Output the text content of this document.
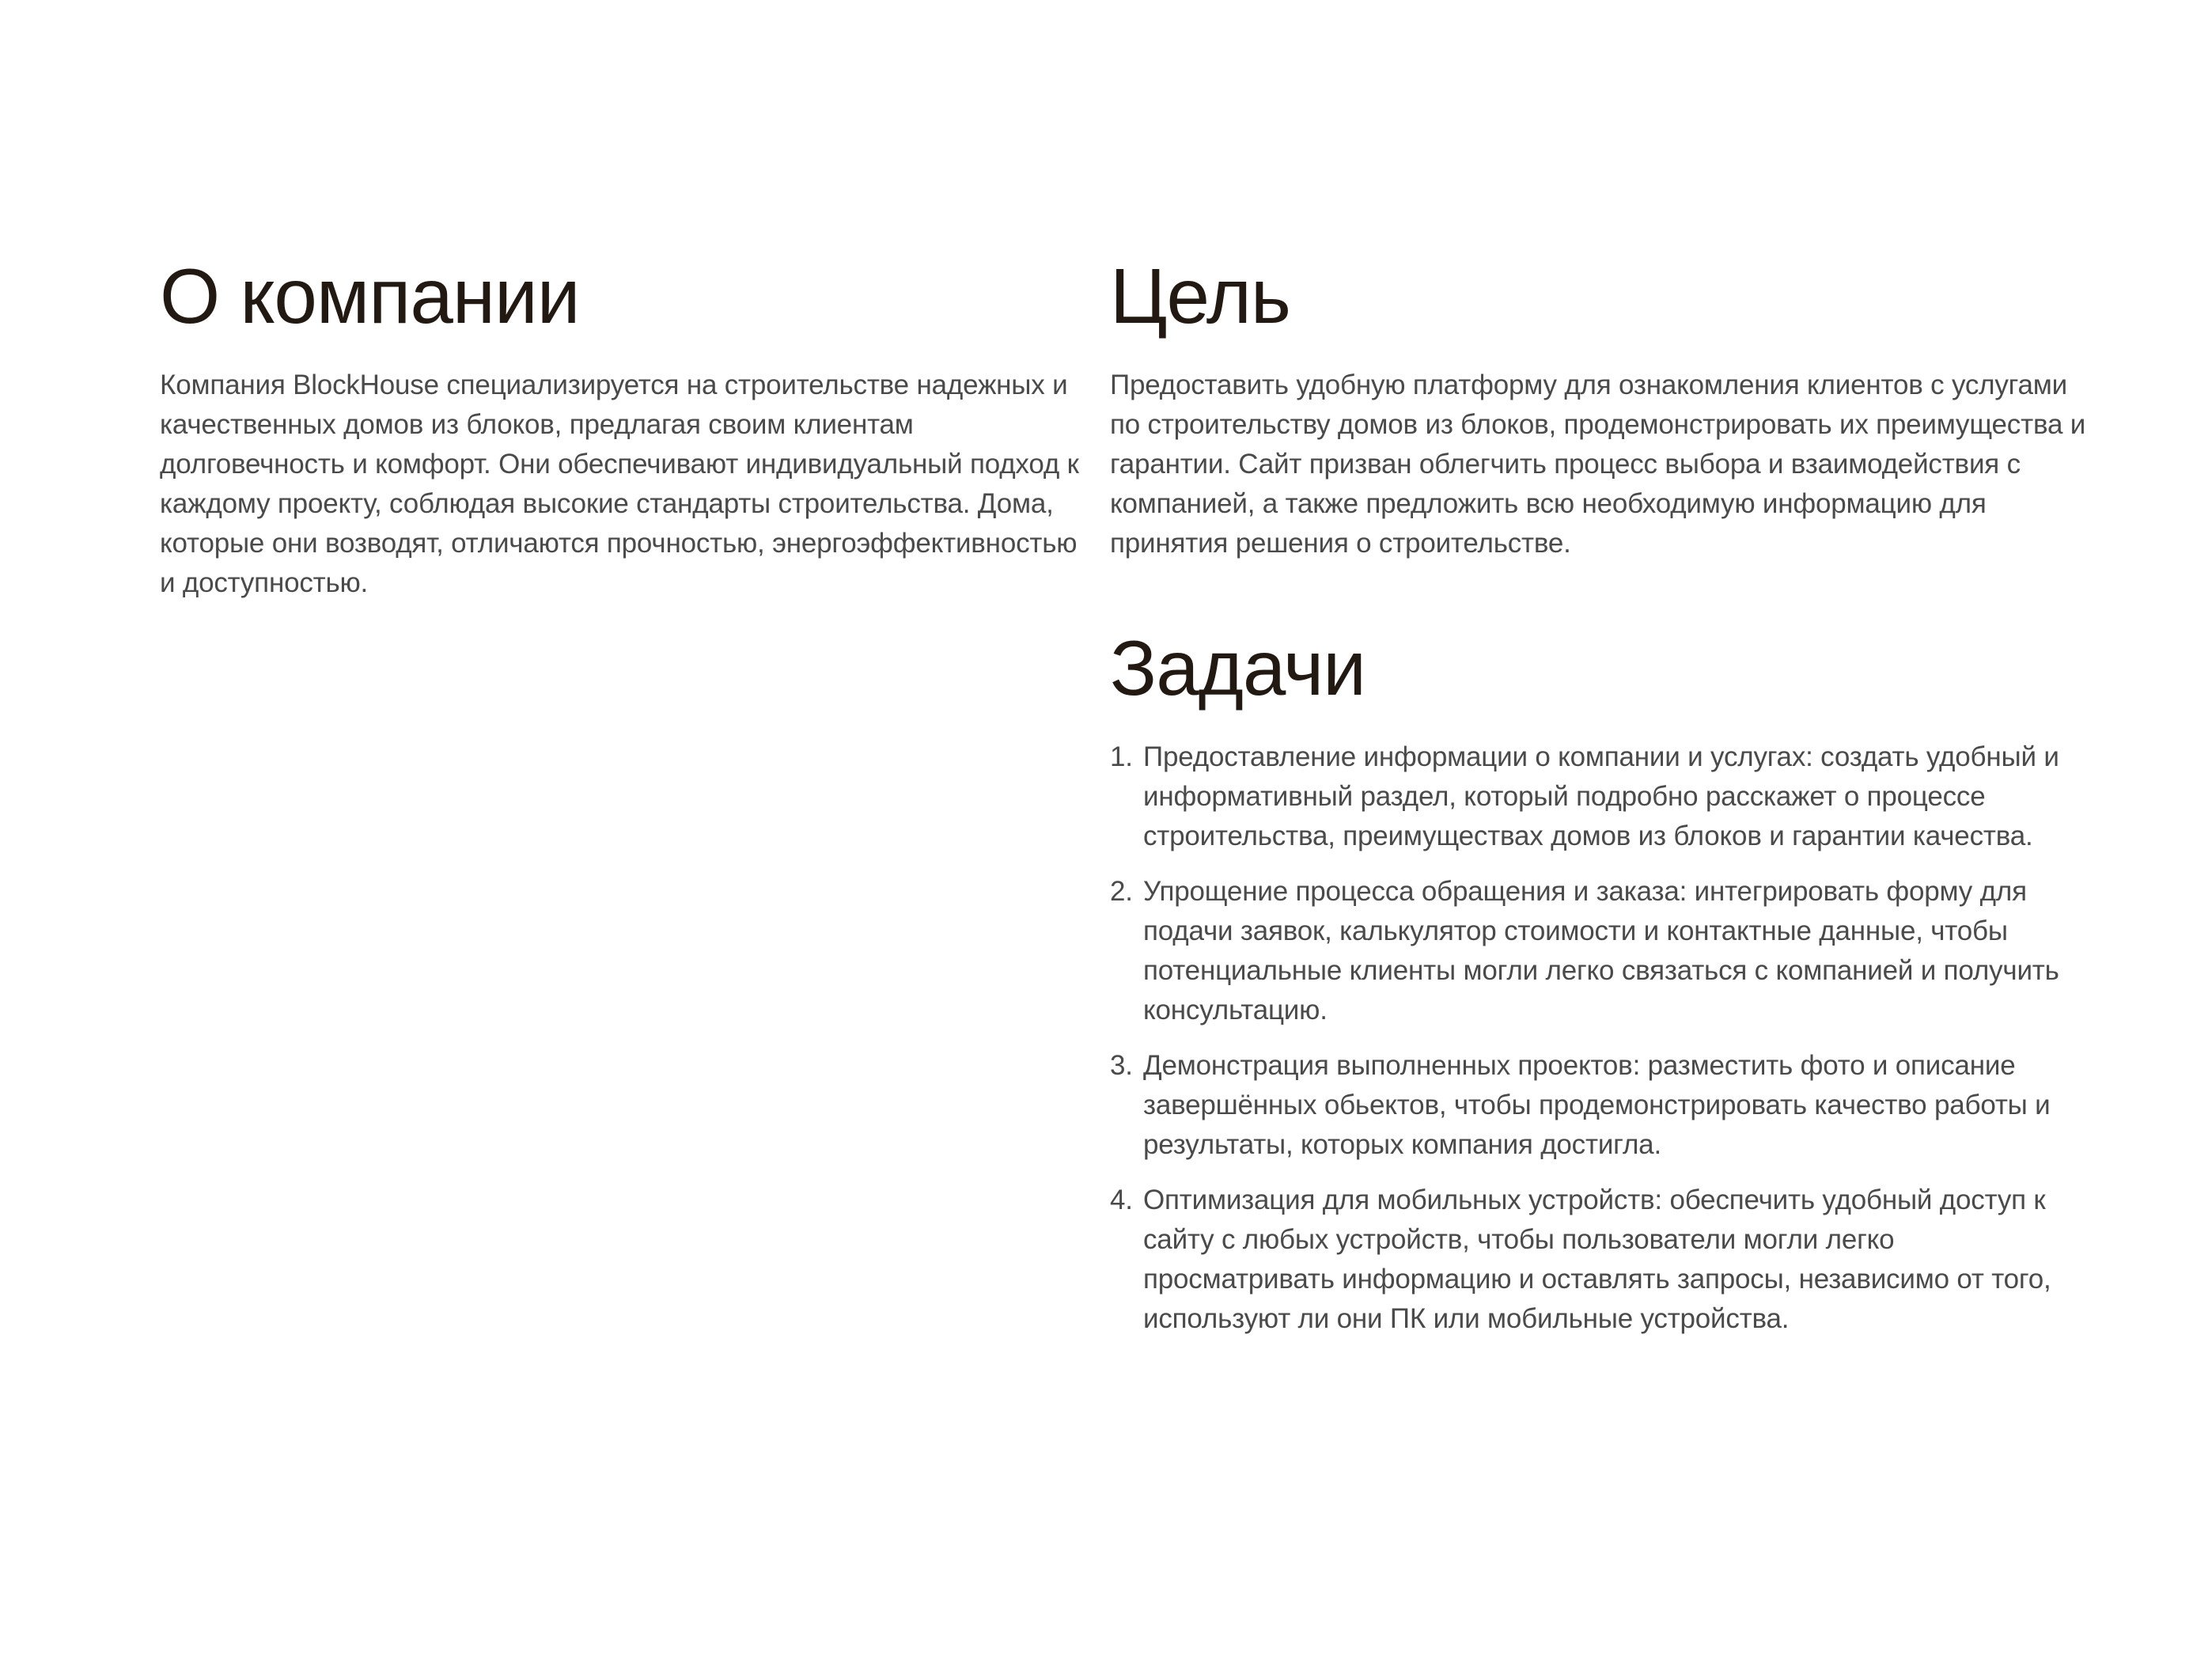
О компании

Компания BlockHouse специализируется на строительстве надежных и качественных домов из блоков, предлагая своим клиентам долговечность и комфорт. Они обеспечивают индивидуальный подход к каждому проекту, соблюдая высокие стандарты строительства. Дома, которые они возводят, отличаются прочностью, энергоэффективностью и доступностью.

Цель

Предоставить удобную платформу для ознакомления клиентов с услугами по строительству домов из блоков, продемонстрировать их преимущества и гарантии. Сайт призван облегчить процесс выбора и взаимодействия с компанией, а также предложить всю необходимую информацию для принятия решения о строительстве.

Задачи
1. Предоставление информации о компании и услугах: создать удобный и информативный раздел, который подробно расскажет о процессе строительства, преимуществах домов из блоков и гарантии качества.
2. Упрощение процесса обращения и заказа: интегрировать форму для подачи заявок, калькулятор стоимости и контактные данные, чтобы потенциальные клиенты могли легко связаться с компанией и получить консультацию.
3. Демонстрация выполненных проектов: разместить фото и описание завершённых обьектов, чтобы продемонстрировать качество работы и результаты, которых компания достигла.
4. Оптимизация для мобильных устройств: обеспечить удобный доступ к сайту с любых устройств, чтобы пользователи могли легко просматривать информацию и оставлять запросы, независимо от того, используют ли они ПК или мобильные устройства.
